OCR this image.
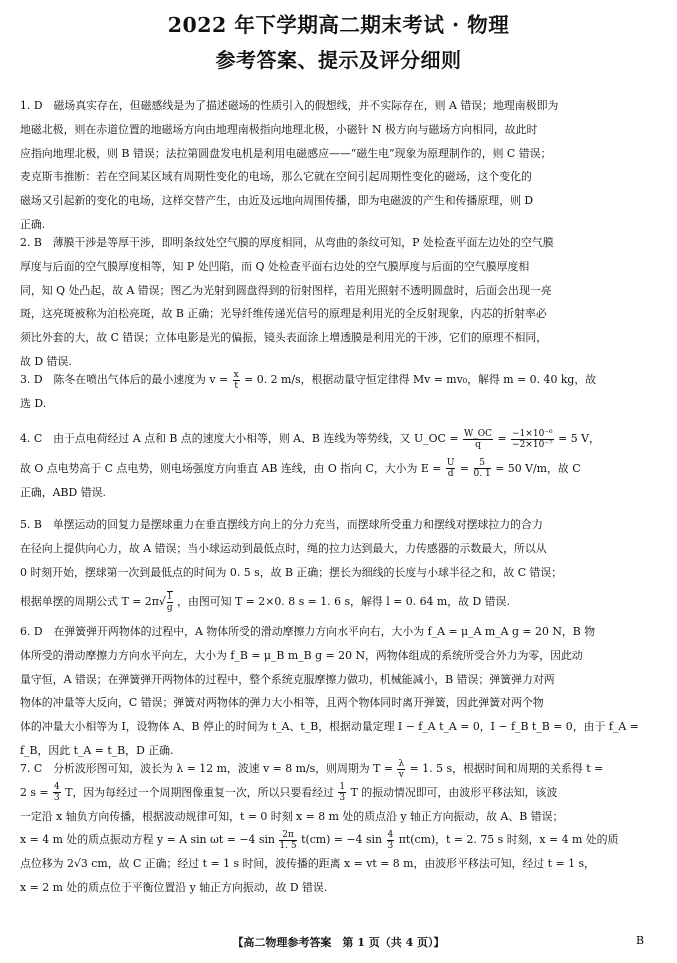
2022 年下学期高二期末考试 · 物理
参考答案、提示及评分细则

1. D　磁场真实存在，但磁感线是为了描述磁场的性质引入的假想线，并不实际存在，则 A 错误；地理南极即为

地磁北极，则在赤道位置的地磁场方向由地理南极指向地理北极，小磁针 N 极方向与磁场方向相同，故此时

应指向地理北极，则 B 错误；法拉第圆盘发电机是利用电磁感应——“磁生电”现象为原理制作的，则 C 错误；

麦克斯韦推断：若在空间某区域有周期性变化的电场，那么它就在空间引起周期性变化的磁场，这个变化的

磁场又引起新的变化的电场，这样交替产生，由近及远地向周围传播，即为电磁波的产生和传播原理，则 D

正确.

2. B　薄膜干涉是等厚干涉，即明条纹处空气膜的厚度相同，从弯曲的条纹可知，P 处检查平面左边处的空气膜

厚度与后面的空气膜厚度相等，知 P 处凹陷，而 Q 处检查平面右边处的空气膜厚度与后面的空气膜厚度相

同，知 Q 处凸起，故 A 错误；图乙为光射到圆盘得到的衍射图样，若用光照射不透明圆盘时，后面会出现一亮

斑，这亮斑被称为泊松亮斑，故 B 正确；光导纤维传递光信号的原理是利用光的全反射现象，内芯的折射率必

须比外套的大，故 C 错误；立体电影是光的偏振，镜头表面涂上增透膜是利用光的干涉，它们的原理不相同，

故 D 错误.

3. D　陈冬在喷出气体后的最小速度为 $v = \frac{x}{t} = 0$. 2 m/s，根据动量守恒定律得 Mv = mv₀，解得 m = 0. 40 kg，故

选 D.

4. C　由于点电荷经过 A 点和 B 点的速度大小相等，则 A、B 连线为等势线，又 U_OC = $\frac{W\_OC}{q} = \frac{\text{−1×10⁻⁶}}{\text{−2×10⁻⁷}} = 5$ V，

故 O 点电势高于 C 点电势，则电场强度方向垂直 AB 连线，由 O 指向 C，大小为 $E = \frac{U}{d} = \frac{5}{0. 1} = 50$ V/m，故 C

正确，ABD 错误.

5. B　单摆运动的回复力是摆球重力在垂直摆线方向上的分力充当，而摆球所受重力和摆线对摆球拉力的合力

在径向上提供向心力，故 A 错误；当小球运动到最低点时，绳的拉力达到最大，力传感器的示数最大，所以从

0 时刻开始，摆球第一次到最低点的时间为 0. 5 s，故 B 正确；摆长为细线的长度与小球半径之和，故 C 错误；

根据单摆的周期公式 $T = 2\pi√ \frac{l}{g}$ ，由图可知 T = 2×0. 8 s = 1. 6 s，解得 l = 0. 64 m，故 D 错误.

6. D　在弹簧弹开两物体的过程中，A 物体所受的滑动摩擦力方向水平向右，大小为 f_A = μ_A m_A g = 20 N，B 物

体所受的滑动摩擦力方向水平向左，大小为 f_B = μ_B m_B g = 20 N，两物体组成的系统所受合外力为零，因此动

量守恒，A 错误；在弹簧弹开两物体的过程中，整个系统克服摩擦力做功，机械能减小，B 错误；弹簧弹力对两

物体的冲量等大反向，C 错误；弹簧对两物体的弹力大小相等，且两个物体同时离开弹簧，因此弹簧对两个物

体的冲量大小相等为 I，设物体 A、B 停止的时间为 t_A、t_B，根据动量定理 I − f_A t_A = 0，I − f_B t_B = 0，由于 f_A =

f_B，因此 t_A = t_B，D 正确.

7. C　分析波形图可知，波长为 λ = 12 m，波速 v = 8 m/s，则周期为 $T = \frac{\lambda}{v} = 1$. 5 s，根据时间和周期的关系得 t =

2 $s = \frac{4}{3}$ T，因为每经过一个周期图像重复一次，所以只要看经过 $\frac{1}{3}$ T 的振动情况即可，由波形平移法知，该波

一定沿 x 轴负方向传播，根据波动规律可知，t = 0 时刻 x = 8 m 处的质点沿 y 轴正方向振动，故 A、B 错误；

x = 4 m 处的质点振动方程 y = A sin ωt = −4 $\sin \frac{2\pi}{1. 5} t(cm) = -4$ $\sin \frac{4}{3} \pi t(cm)$，t = 2. 75 s 时刻，x = 4 m 处的质

点位移为 2√3 cm，故 C 正确；经过 t = 1 s 时间，波传播的距离 x = vt = 8 m，由波形平移法可知，经过 t = 1 s，

x = 2 m 处的质点位于平衡位置沿 y 轴正方向振动，故 D 错误.

【高二物理参考答案　第 1 页（共 4 页）】	B
